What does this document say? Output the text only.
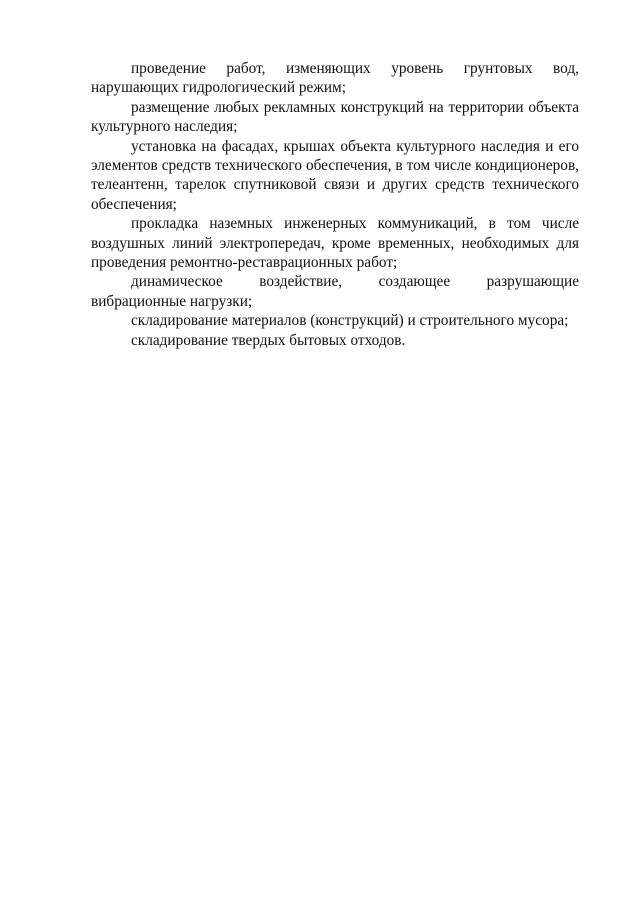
проведение работ, изменяющих уровень грунтовых вод, нарушающих гидрологический режим;

размещение любых рекламных конструкций на территории объекта культурного наследия;

установка на фасадах, крышах объекта культурного наследия и его элементов средств технического обеспечения, в том числе кондиционеров, телеантенн, тарелок спутниковой связи и других средств технического обеспечения;

прокладка наземных инженерных коммуникаций, в том числе воздушных линий электропередач, кроме временных, необходимых для проведения ремонтно-реставрационных работ;

динамическое воздействие, создающее разрушающие вибрационные нагрузки;

складирование материалов (конструкций) и строительного мусора;

складирование твердых бытовых отходов.
